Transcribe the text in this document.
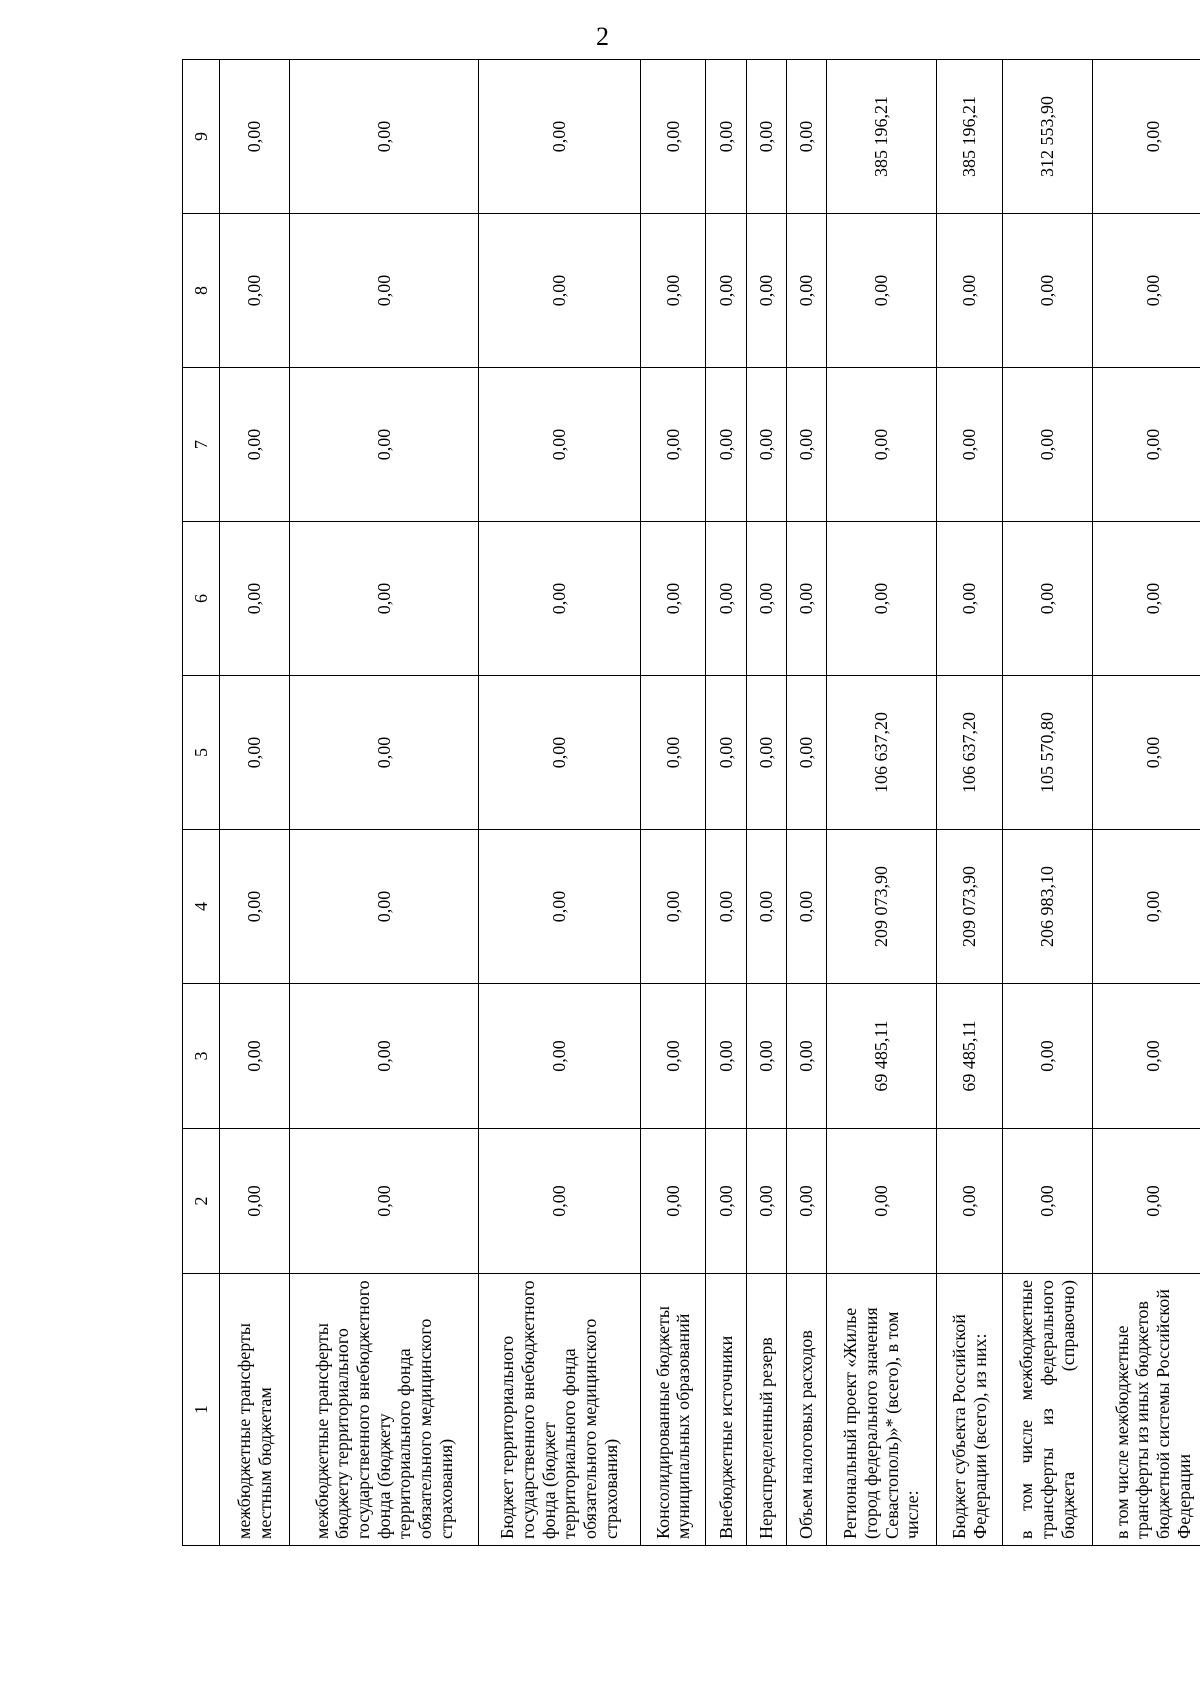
2
1	2	3	4	5	6	7	8	9
межбюджетные трансферты местным бюджетам	0,00	0,00	0,00	0,00	0,00	0,00	0,00	0,00
межбюджетные трансферты бюджету территориального государственного внебюджетного фонда (бюджету территориального фонда обязательного медицинского страхования)	0,00	0,00	0,00	0,00	0,00	0,00	0,00	0,00
Бюджет территориального государственного внебюджетного фонда (бюджет территориального фонда обязательного медицинского страхования)	0,00	0,00	0,00	0,00	0,00	0,00	0,00	0,00
Консолидированные бюджеты муниципальных образований	0,00	0,00	0,00	0,00	0,00	0,00	0,00	0,00
Внебюджетные источники	0,00	0,00	0,00	0,00	0,00	0,00	0,00	0,00
Нераспределенный резерв	0,00	0,00	0,00	0,00	0,00	0,00	0,00	0,00
Объем налоговых расходов	0,00	0,00	0,00	0,00	0,00	0,00	0,00	0,00
Региональный проект «Жилье (город федерального значения Севастополь)»* (всего), в том числе:	0,00	69 485,11	209 073,90	106 637,20	0,00	0,00	0,00	385 196,21
Бюджет субъекта Российской Федерации (всего), из них:	0,00	69 485,11	209 073,90	106 637,20	0,00	0,00	0,00	385 196,21
в том числе межбюджетные трансферты из федерального бюджета (справочно)	0,00	0,00	206 983,10	105 570,80	0,00	0,00	0,00	312 553,90
в том числе межбюджетные трансферты из иных бюджетов бюджетной системы Российской Федерации	0,00	0,00	0,00	0,00	0,00	0,00	0,00	0,00
